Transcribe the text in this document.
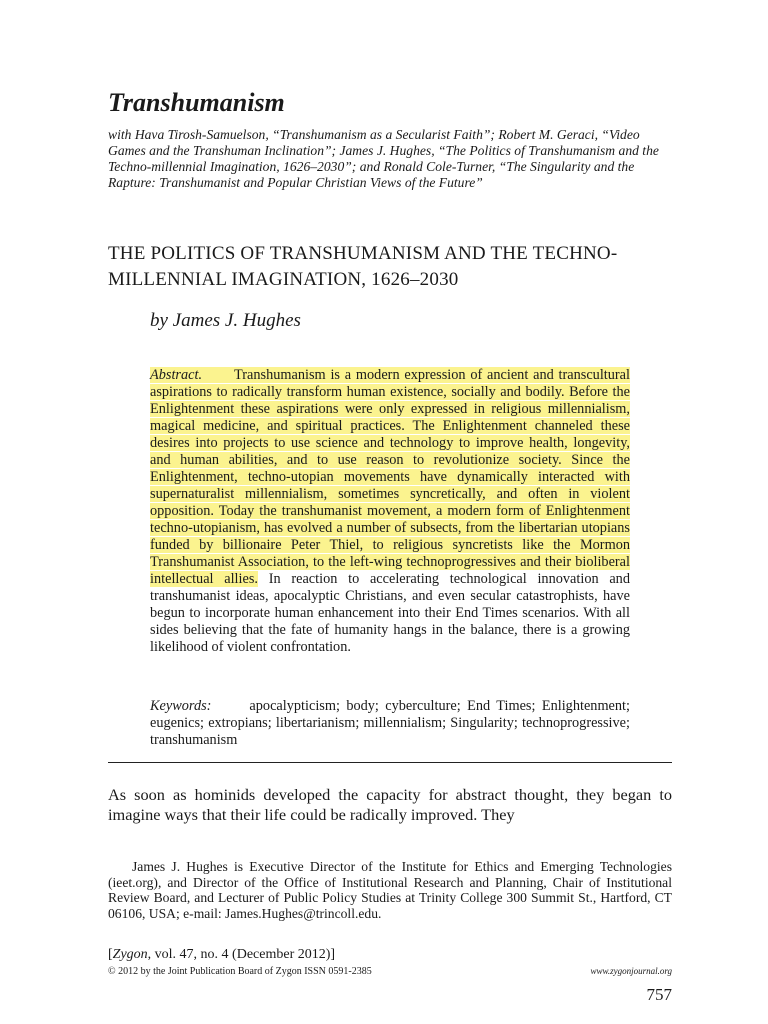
Transhumanism

with Hava Tirosh-Samuelson, “Transhumanism as a Secularist Faith”; Robert M. Geraci, “Video Games and the Transhuman Inclination”; James J. Hughes, “The Politics of Transhumanism and the Techno-millennial Imagination, 1626–2030”; and Ronald Cole-Turner, “The Singularity and the Rapture: Transhumanist and Popular Christian Views of the Future”

THE POLITICS OF TRANSHUMANISM AND THE TECHNO-MILLENNIAL IMAGINATION, 1626–2030

by James J. Hughes

Abstract. Transhumanism is a modern expression of ancient and transcultural aspirations to radically transform human existence, socially and bodily. Before the Enlightenment these aspirations were only expressed in religious millennialism, magical medicine, and spiritual practices. The Enlightenment channeled these desires into projects to use science and technology to improve health, longevity, and human abilities, and to use reason to revolutionize society. Since the Enlightenment, techno-utopian movements have dynamically interacted with supernaturalist millennialism, sometimes syncretically, and often in violent opposition. Today the transhumanist movement, a modern form of Enlightenment techno-utopianism, has evolved a number of subsects, from the libertarian utopians funded by billionaire Peter Thiel, to religious syncretists like the Mormon Transhumanist Association, to the left-wing technoprogressives and their bioliberal intellectual allies. In reaction to accelerating technological innovation and transhumanist ideas, apocalyptic Christians, and even secular catastrophists, have begun to incorporate human enhancement into their End Times scenarios. With all sides believing that the fate of humanity hangs in the balance, there is a growing likelihood of violent confrontation.

Keywords:	apocalypticism; body; cyberculture; End Times; Enlightenment; eugenics; extropians; libertarianism; millennialism; Singularity; technoprogressive; transhumanism

As soon as hominids developed the capacity for abstract thought, they began to imagine ways that their life could be radically improved. They

James J. Hughes is Executive Director of the Institute for Ethics and Emerging Technologies (ieet.org), and Director of the Office of Institutional Research and Planning, Chair of Institutional Review Board, and Lecturer of Public Policy Studies at Trinity College 300 Summit St., Hartford, CT 06106, USA; e-mail: James.Hughes@trincoll.edu.

[Zygon, vol. 47, no. 4 (December 2012)]

© 2012 by the Joint Publication Board of Zygon ISSN 0591-2385	www.zygonjournal.org

757
